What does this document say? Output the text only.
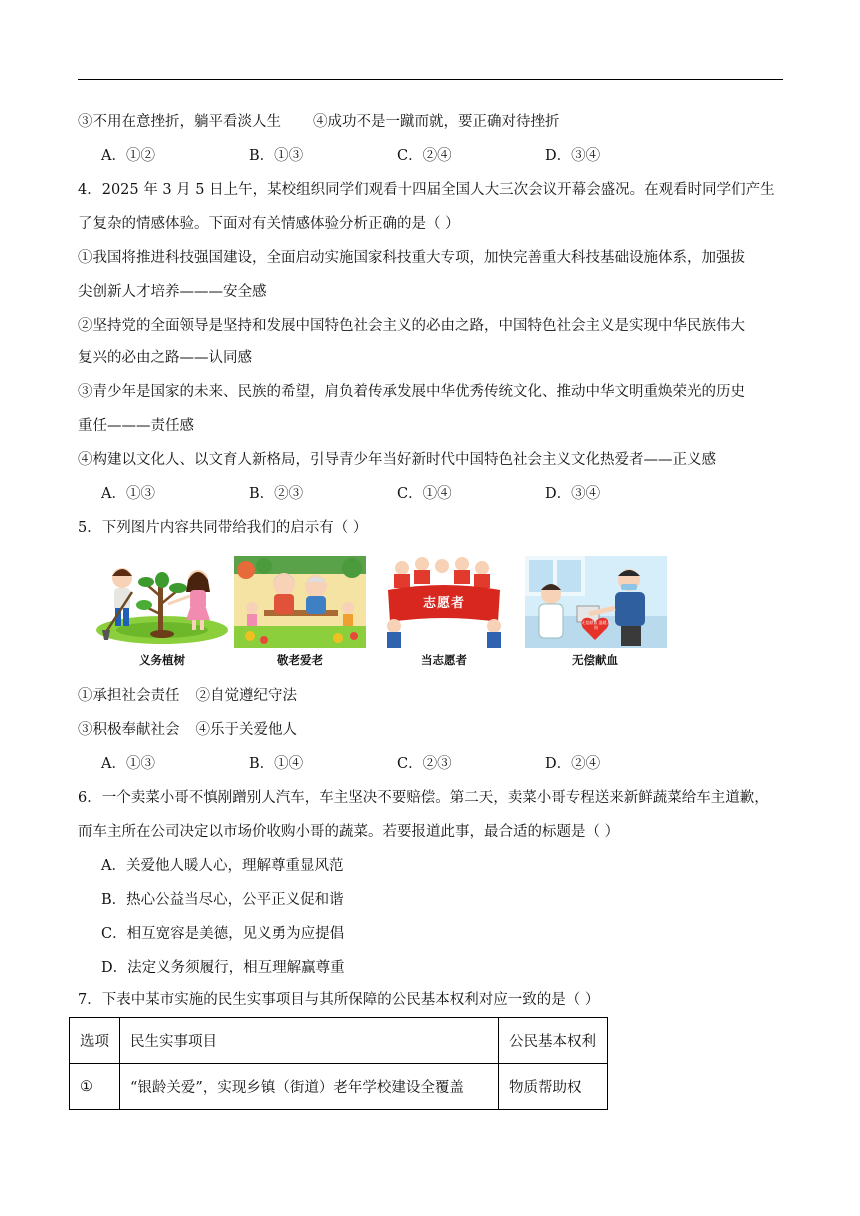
③不用在意挫折，躺平看淡人生 ④成功不是一蹴而就，要正确对待挫折
A．①②	B．①③	C．②④	D．③④
4．2025 年 3 月 5 日上午，某校组织同学们观看十四届全国人大三次会议开幕会盛况。在观看时同学们产生
了复杂的情感体验。下面对有关情感体验分析正确的是（ ）
①我国将推进科技强国建设，全面启动实施国家科技重大专项，加快完善重大科技基础设施体系，加强拔
尖创新人才培养———安全感
②坚持党的全面领导是坚持和发展中国特色社会主义的必由之路，中国特色社会主义是实现中华民族伟大
复兴的必由之路——认同感
③青少年是国家的未来、民族的希望，肩负着传承发展中华优秀传统文化、推动中华文明重焕荣光的历史
重任———责任感
④构建以文化人、以文育人新格局，引导青少年当好新时代中国特色社会主义文化热爱者——正义感
A．①③	B．②③	C．①④	D．③④
5．下列图片内容共同带给我们的启示有（ ）
义务植树	敬老爱老
志愿者
当志愿者
无偿献血 温暖人间
无偿献血
①承担社会责任 ②自觉遵纪守法
③积极奉献社会 ④乐于关爱他人
A．①③	B．①④	C．②③	D．②④
6．一个卖菜小哥不慎剐蹭别人汽车，车主坚决不要赔偿。第二天，卖菜小哥专程送来新鲜蔬菜给车主道歉，
而车主所在公司决定以市场价收购小哥的蔬菜。若要报道此事，最合适的标题是（ ）
A．关爱他人暖人心，理解尊重显风范
B．热心公益当尽心，公平正义促和谐
C．相互宽容是美德，见义勇为应提倡
D．法定义务须履行，相互理解赢尊重
7．下表中某市实施的民生实事项目与其所保障的公民基本权利对应一致的是（ ）
选项	民生实事项目	公民基本权利
①	“银龄关爱”，实现乡镇（街道）老年学校建设全覆盖	物质帮助权
